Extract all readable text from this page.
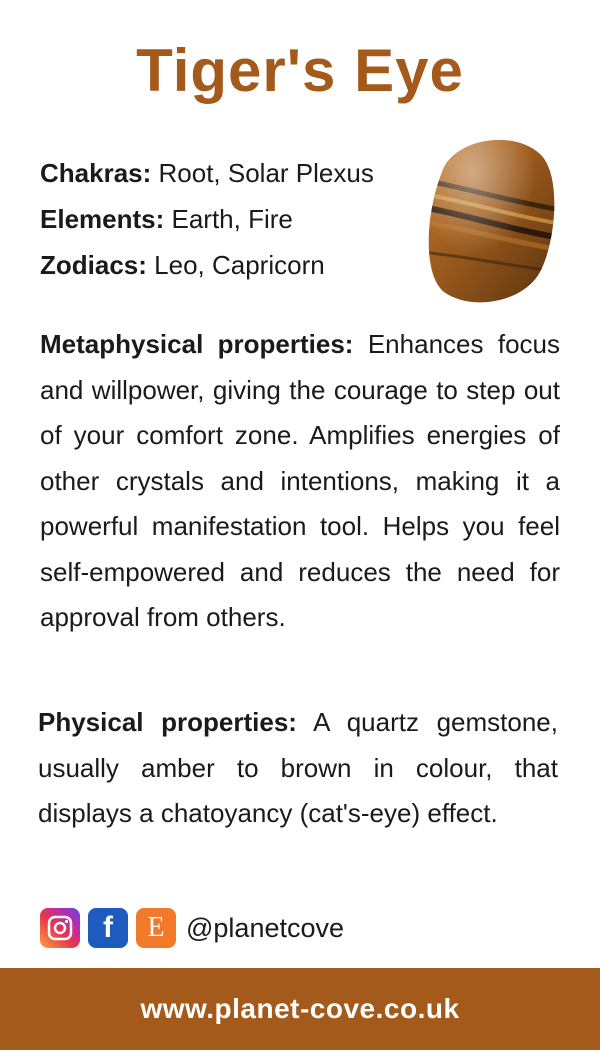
Tiger's Eye
Chakras: Root, Solar Plexus
Elements: Earth, Fire
Zodiacs: Leo, Capricorn
Metaphysical properties: Enhances focus and willpower, giving the courage to step out of your comfort zone. Amplifies energies of other crystals and intentions, making it a powerful manifestation tool. Helps you feel self-empowered and reduces the need for approval from others.
Physical properties: A quartz gemstone, usually amber to brown in colour, that displays a chatoyancy (cat's-eye) effect.
f E @planetcove
www.planet-cove.co.uk
